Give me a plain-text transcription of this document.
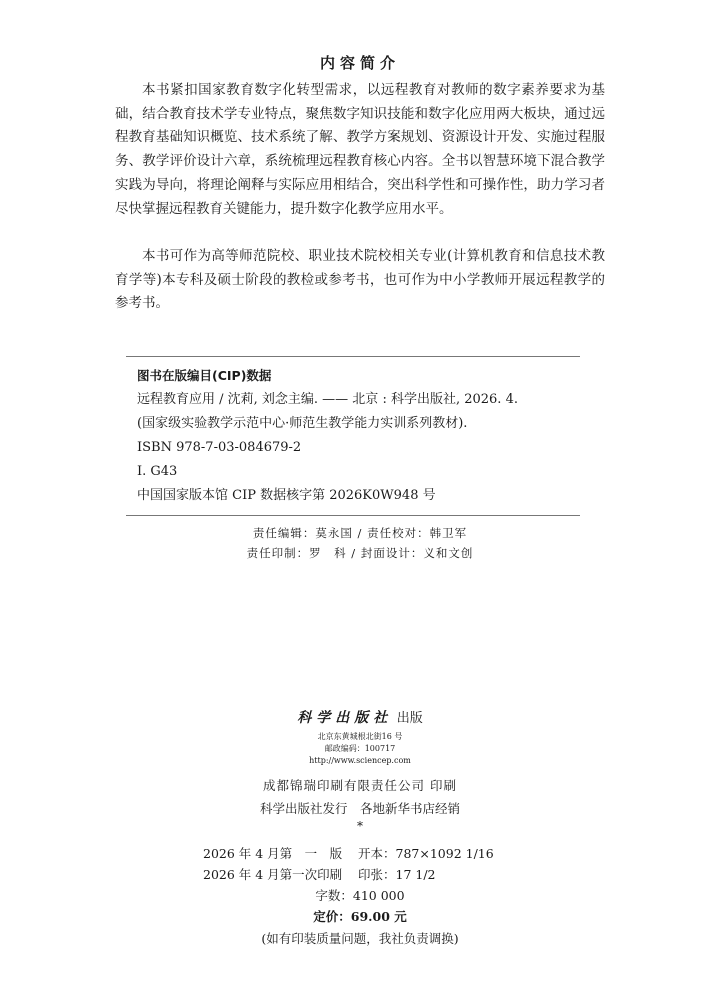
内容简介

本书紧扣国家教育数字化转型需求，以远程教育对教师的数字素养要求为基础，结合教育技术学专业特点，聚焦数字知识技能和数字化应用两大板块，通过远程教育基础知识概览、技术系统了解、教学方案规划、资源设计开发、实施过程服务、教学评价设计六章，系统梳理远程教育核心内容。全书以智慧环境下混合教学实践为导向，将理论阐释与实际应用相结合，突出科学性和可操作性，助力学习者尽快掌握远程教育关键能力，提升数字化教学应用水平。

本书可作为高等师范院校、职业技术院校相关专业(计算机教育和信息技术教育学等)本专科及硕士阶段的教检或参考书，也可作为中小学教师开展远程教学的参考书。

图书在版编目(CIP)数据
远程教育应用 / 沈莉, 刘念主编. —— 北京 : 科学出版社, 2026. 4.
(国家级实验教学示范中心·师范生教学能力实训系列教材).
ISBN 978-7-03-084679-2
Ⅰ. G43
中国国家版本馆 CIP 数据核字第 2026K0W948 号
责任编辑：莫永国 / 责任校对：韩卫军
责任印制：罗　科 / 封面设计：义和文创
科学出版社 出版
北京东黄城根北街16 号
邮政编码：100717
http://www.sciencep.com
成都锦瑞印刷有限责任公司 印刷
科学出版社发行　各地新华书店经销
*
2026 年 4 月第　一　版 开本：787×1092 1/16
2026 年 4 月第一次印刷 印张：17 1/2
字数：410 000
定价：69.00 元
(如有印装质量问题，我社负责调换)
